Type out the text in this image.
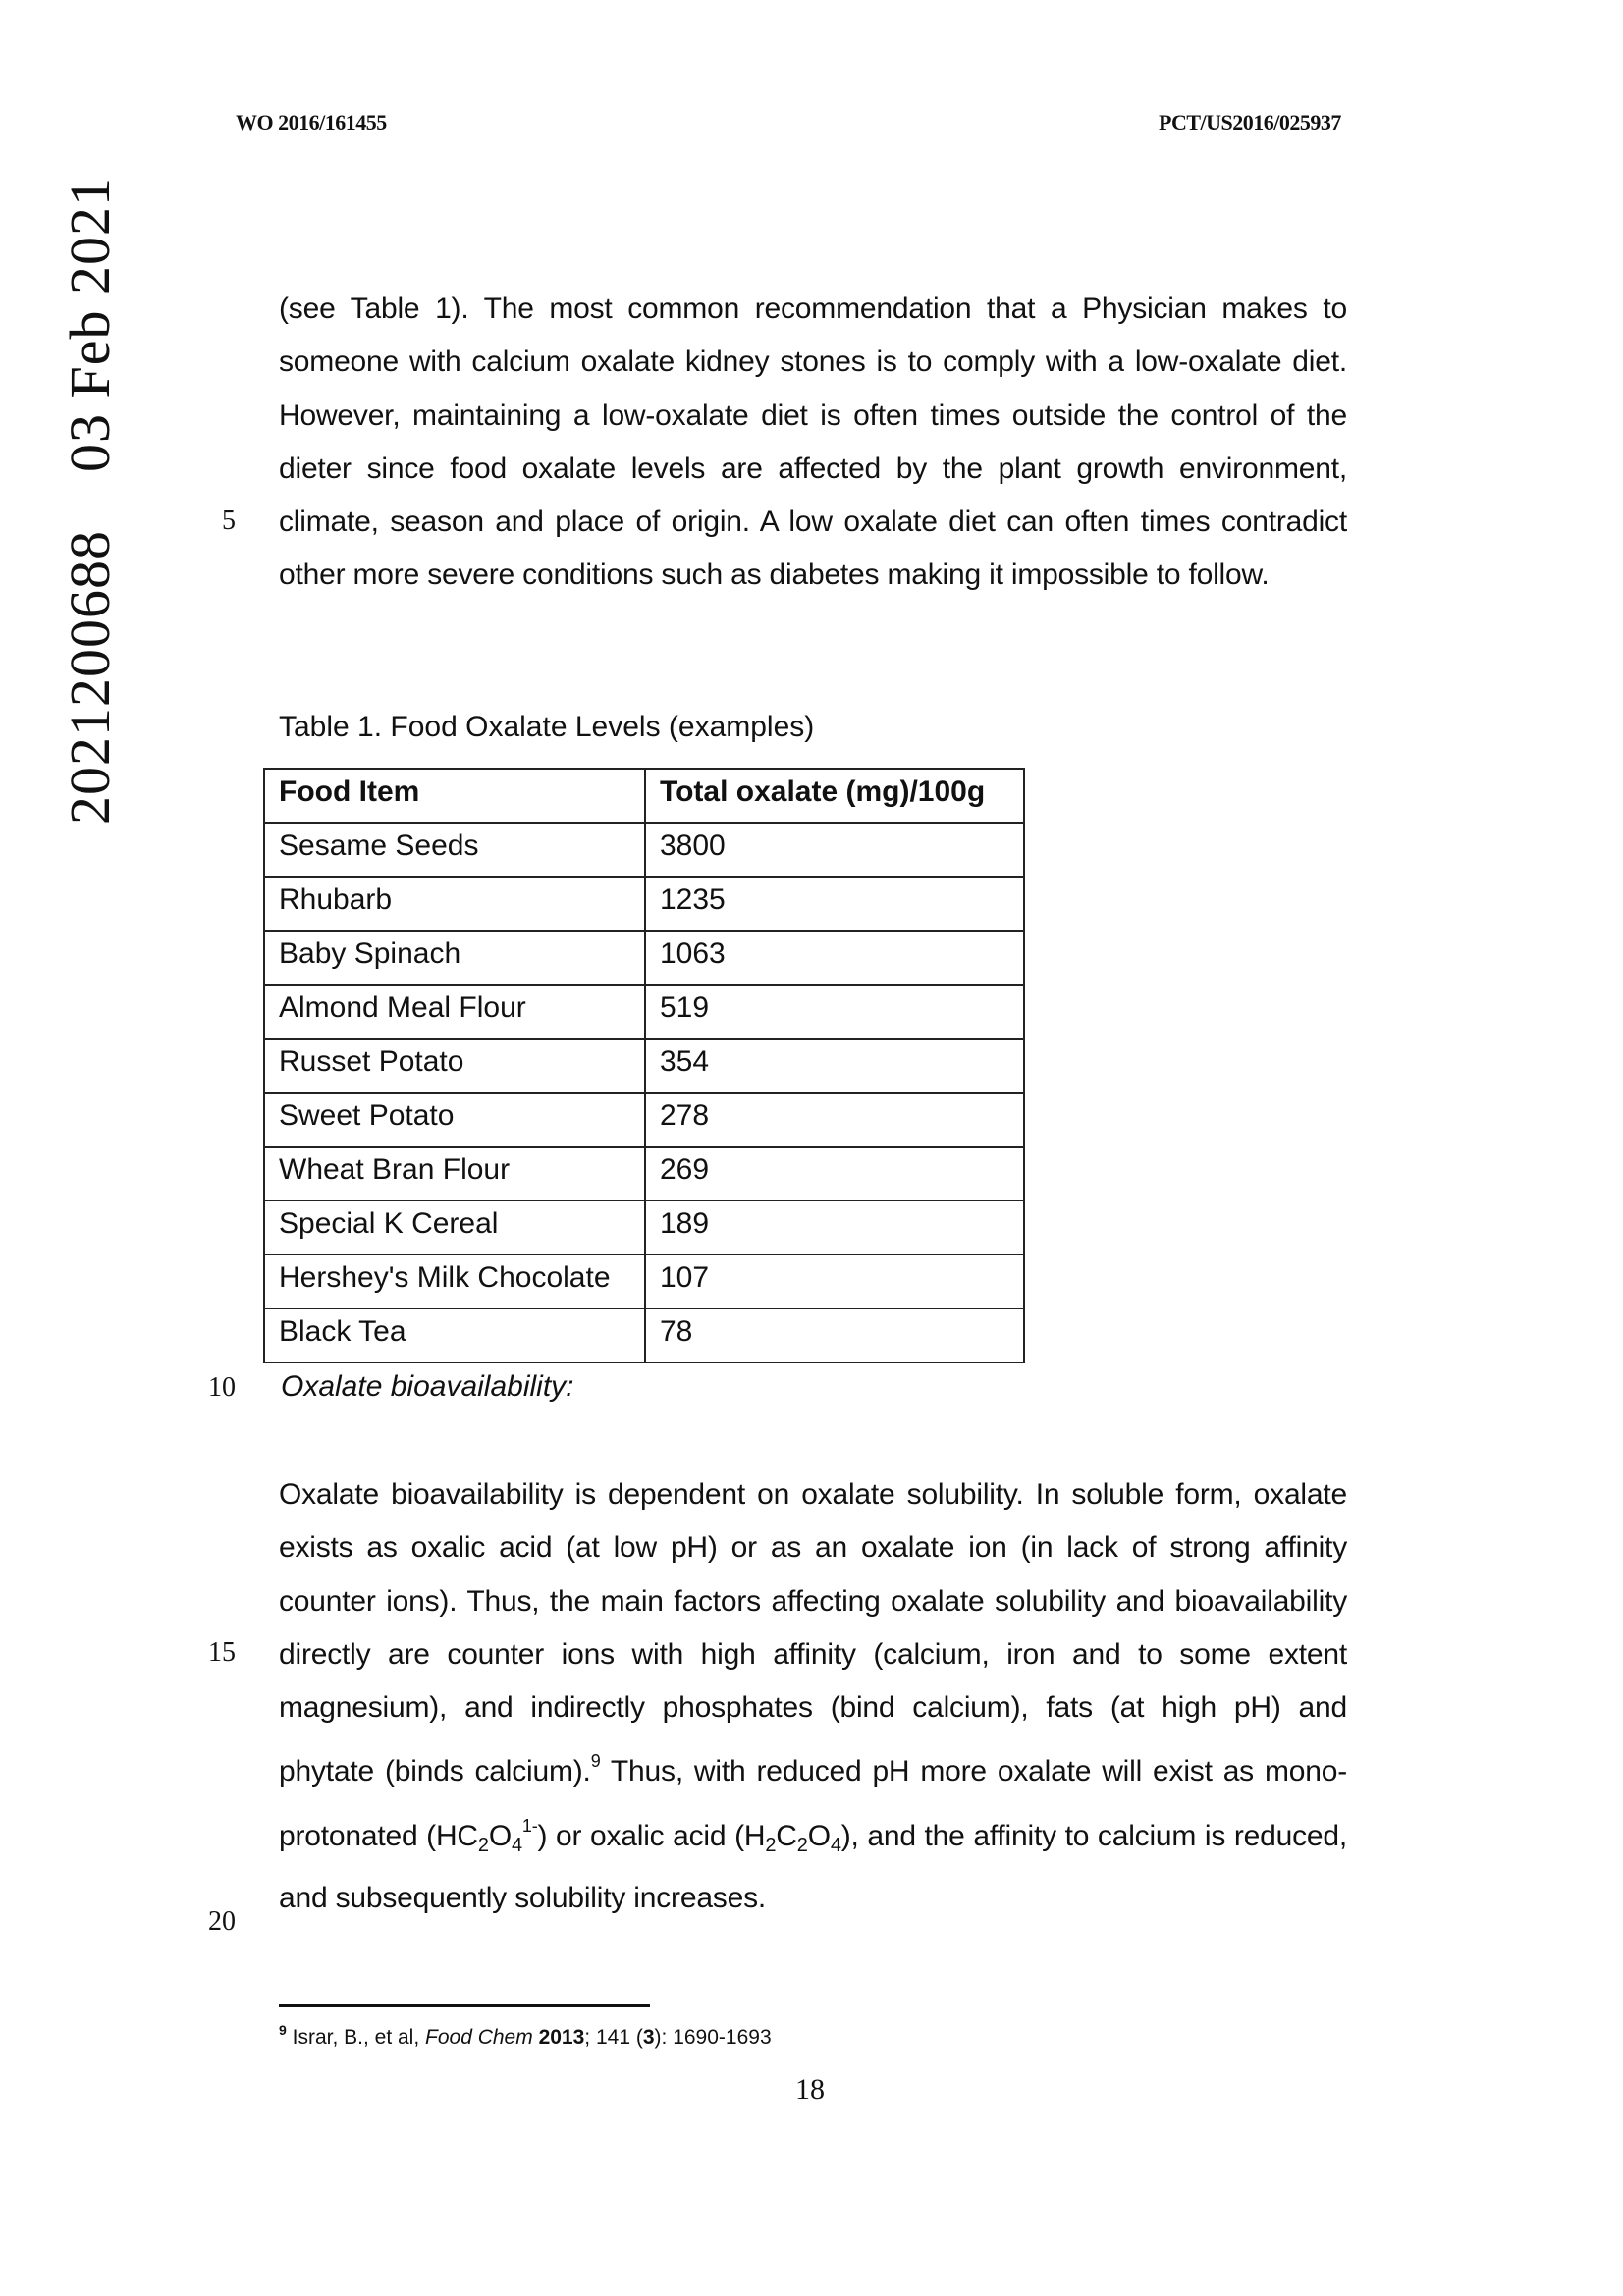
WO 2016/161455	PCT/US2016/025937
2021200688
03 Feb 2021
5
10
15
20

(see Table 1). The most common recommendation that a Physician makes to someone with calcium oxalate kidney stones is to comply with a low-oxalate diet. However, maintaining a low-oxalate diet is often times outside the control of the dieter since food oxalate levels are affected by the plant growth environment, climate, season and place of origin. A low oxalate diet can often times contradict other more severe conditions such as diabetes making it impossible to follow.

Table 1. Food Oxalate Levels (examples)
Food Item	Total oxalate (mg)/100g
Sesame Seeds	3800
Rhubarb	1235
Baby Spinach	1063
Almond Meal Flour	519
Russet Potato	354
Sweet Potato	278
Wheat Bran Flour	269
Special K Cereal	189
Hershey's Milk Chocolate	107
Black Tea	78
Oxalate bioavailability:

Oxalate bioavailability is dependent on oxalate solubility. In soluble form, oxalate exists as oxalic acid (at low pH) or as an oxalate ion (in lack of strong affinity counter ions). Thus, the main factors affecting oxalate solubility and bioavailability directly are counter ions with high affinity (calcium, iron and to some extent magnesium), and indirectly phosphates (bind calcium), fats (at high pH) and phytate (binds calcium).$^9$ Thus, with reduced pH more oxalate will exist as mono-protonated $(HC_2O_4^{1-})$ or oxalic acid $(H_2C_2O_4)$, and the affinity to calcium is reduced, and subsequently solubility increases.

$^9$ Israr, B., et al, Food Chem 2013; 141 (3): 1690-1693
18
